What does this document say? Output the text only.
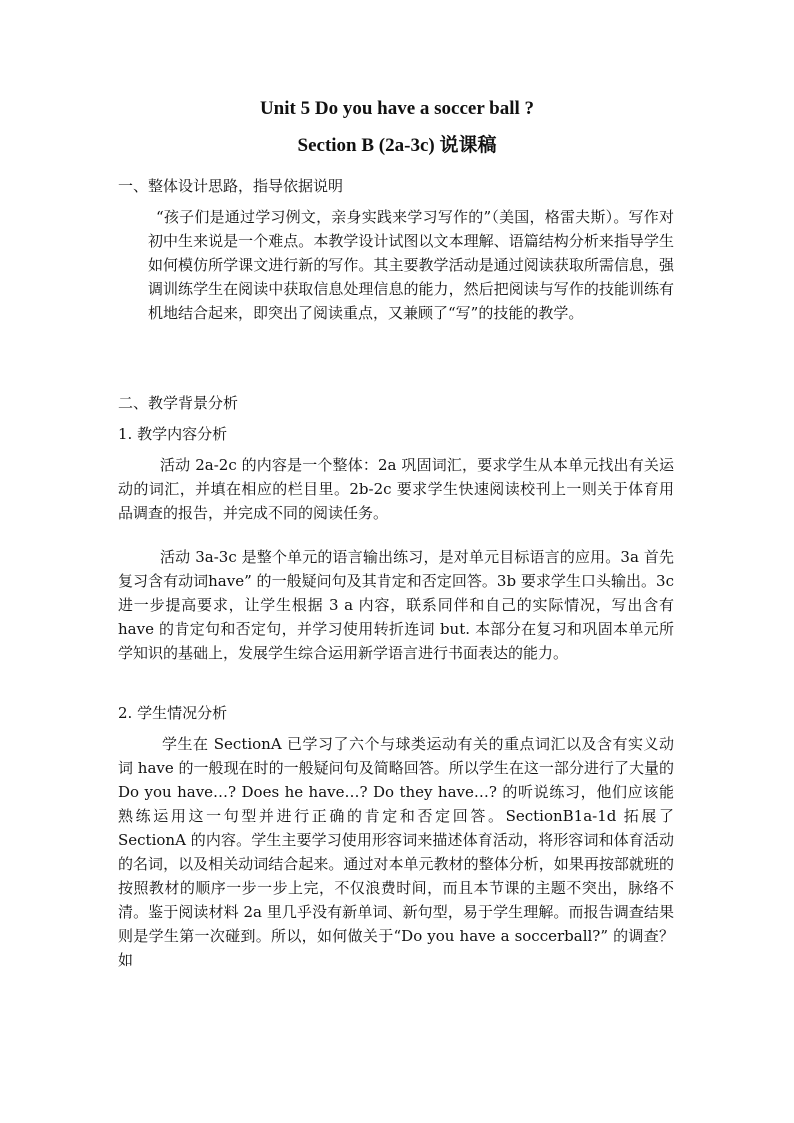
Unit 5 Do you have a soccer ball ?
Section B (2a-3c) 说课稿
一、整体设计思路，指导依据说明
“孩子们是通过学习例文，亲身实践来学习写作的”（美国，格雷夫斯）。写作对初中生来说是一个难点。本教学设计试图以文本理解、语篇结构分析来指导学生如何模仿所学课文进行新的写作。其主要教学活动是通过阅读获取所需信息，强调训练学生在阅读中获取信息处理信息的能力，然后把阅读与写作的技能训练有机地结合起来，即突出了阅读重点，又兼顾了“写”的技能的教学。
二、教学背景分析
1. 教学内容分析
活动 2a-2c 的内容是一个整体：2a 巩固词汇，要求学生从本单元找出有关运动的词汇，并填在相应的栏目里。2b-2c 要求学生快速阅读校刊上一则关于体育用品调查的报告，并完成不同的阅读任务。
活动 3a-3c 是整个单元的语言输出练习，是对单元目标语言的应用。3a 首先复习含有动词have” 的一般疑问句及其肯定和否定回答。3b 要求学生口头输出。3c 进一步提高要求，让学生根据 3 a 内容，联系同伴和自己的实际情况，写出含有 have 的肯定句和否定句，并学习使用转折连词 but. 本部分在复习和巩固本单元所学知识的基础上，发展学生综合运用新学语言进行书面表达的能力。
2. 学生情况分析
学生在 SectionA 已学习了六个与球类运动有关的重点词汇以及含有实义动词 have 的一般现在时的一般疑问句及简略回答。所以学生在这一部分进行了大量的 Do you have…? Does he have…? Do they have…? 的听说练习，他们应该能熟练运用这一句型并进行正确的肯定和否定回答。SectionB1a-1d 拓展了 SectionA 的内容。学生主要学习使用形容词来描述体育活动，将形容词和体育活动的名词，以及相关动词结合起来。通过对本单元教材的整体分析，如果再按部就班的按照教材的顺序一步一步上完，不仅浪费时间，而且本节课的主题不突出，脉络不清。鉴于阅读材料 2a 里几乎没有新单词、新句型，易于学生理解。而报告调查结果则是学生第一次碰到。所以，如何做关于“Do you have a soccerball?” 的调查？如
